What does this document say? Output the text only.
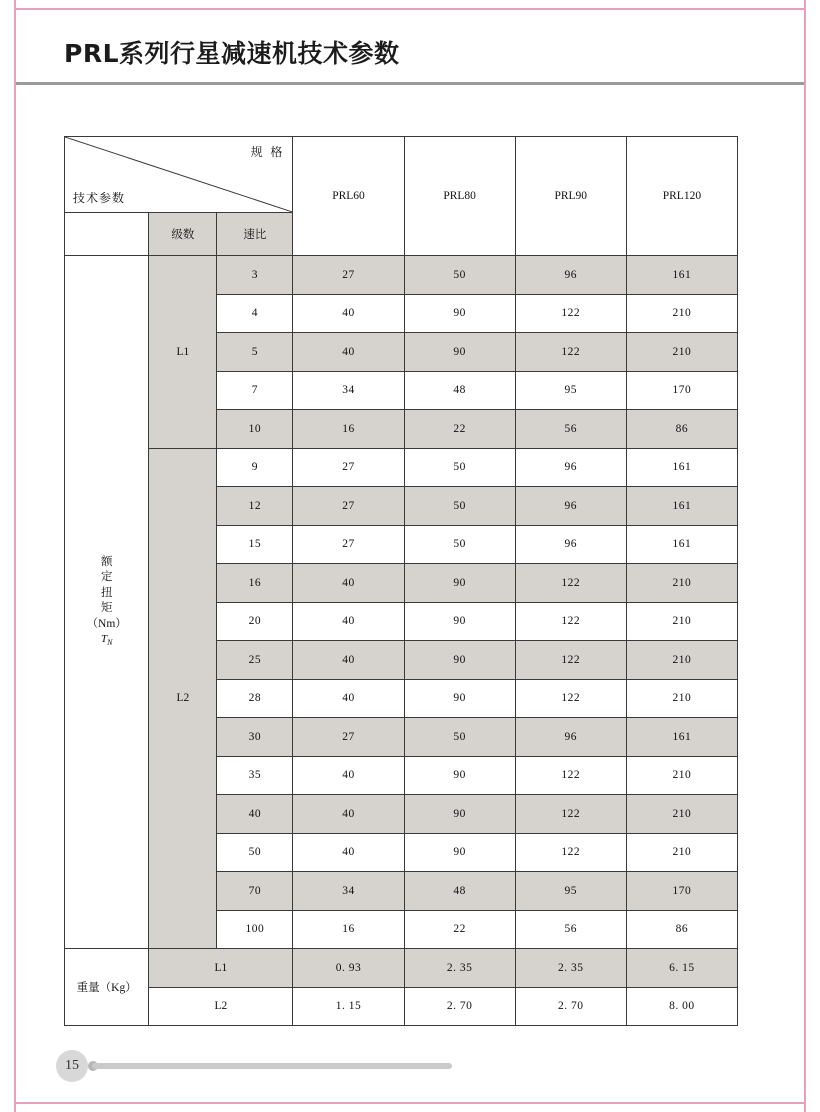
PRL系列行星减速机技术参数
规 格
技术参数			PRL60	PRL80	PRL90	PRL120
	级数	速比				
额
定
扭
矩
（Nm）
$T_N$	L1	3	27	50	96	161
		4	40	90	122	210
		5	40	90	122	210
		7	34	48	95	170
		10	16	22	56	86
	L2	9	27	50	96	161
		12	27	50	96	161
		15	27	50	96	161
		16	40	90	122	210
		20	40	90	122	210
		25	40	90	122	210
		28	40	90	122	210
		30	27	50	96	161
		35	40	90	122	210
		40	40	90	122	210
		50	40	90	122	210
		70	34	48	95	170
		100	16	22	56	86
重量（Kg）	L1		0. 93	2. 35	2. 35	6. 15
	L2		1. 15	2. 70	2. 70	8. 00
15
